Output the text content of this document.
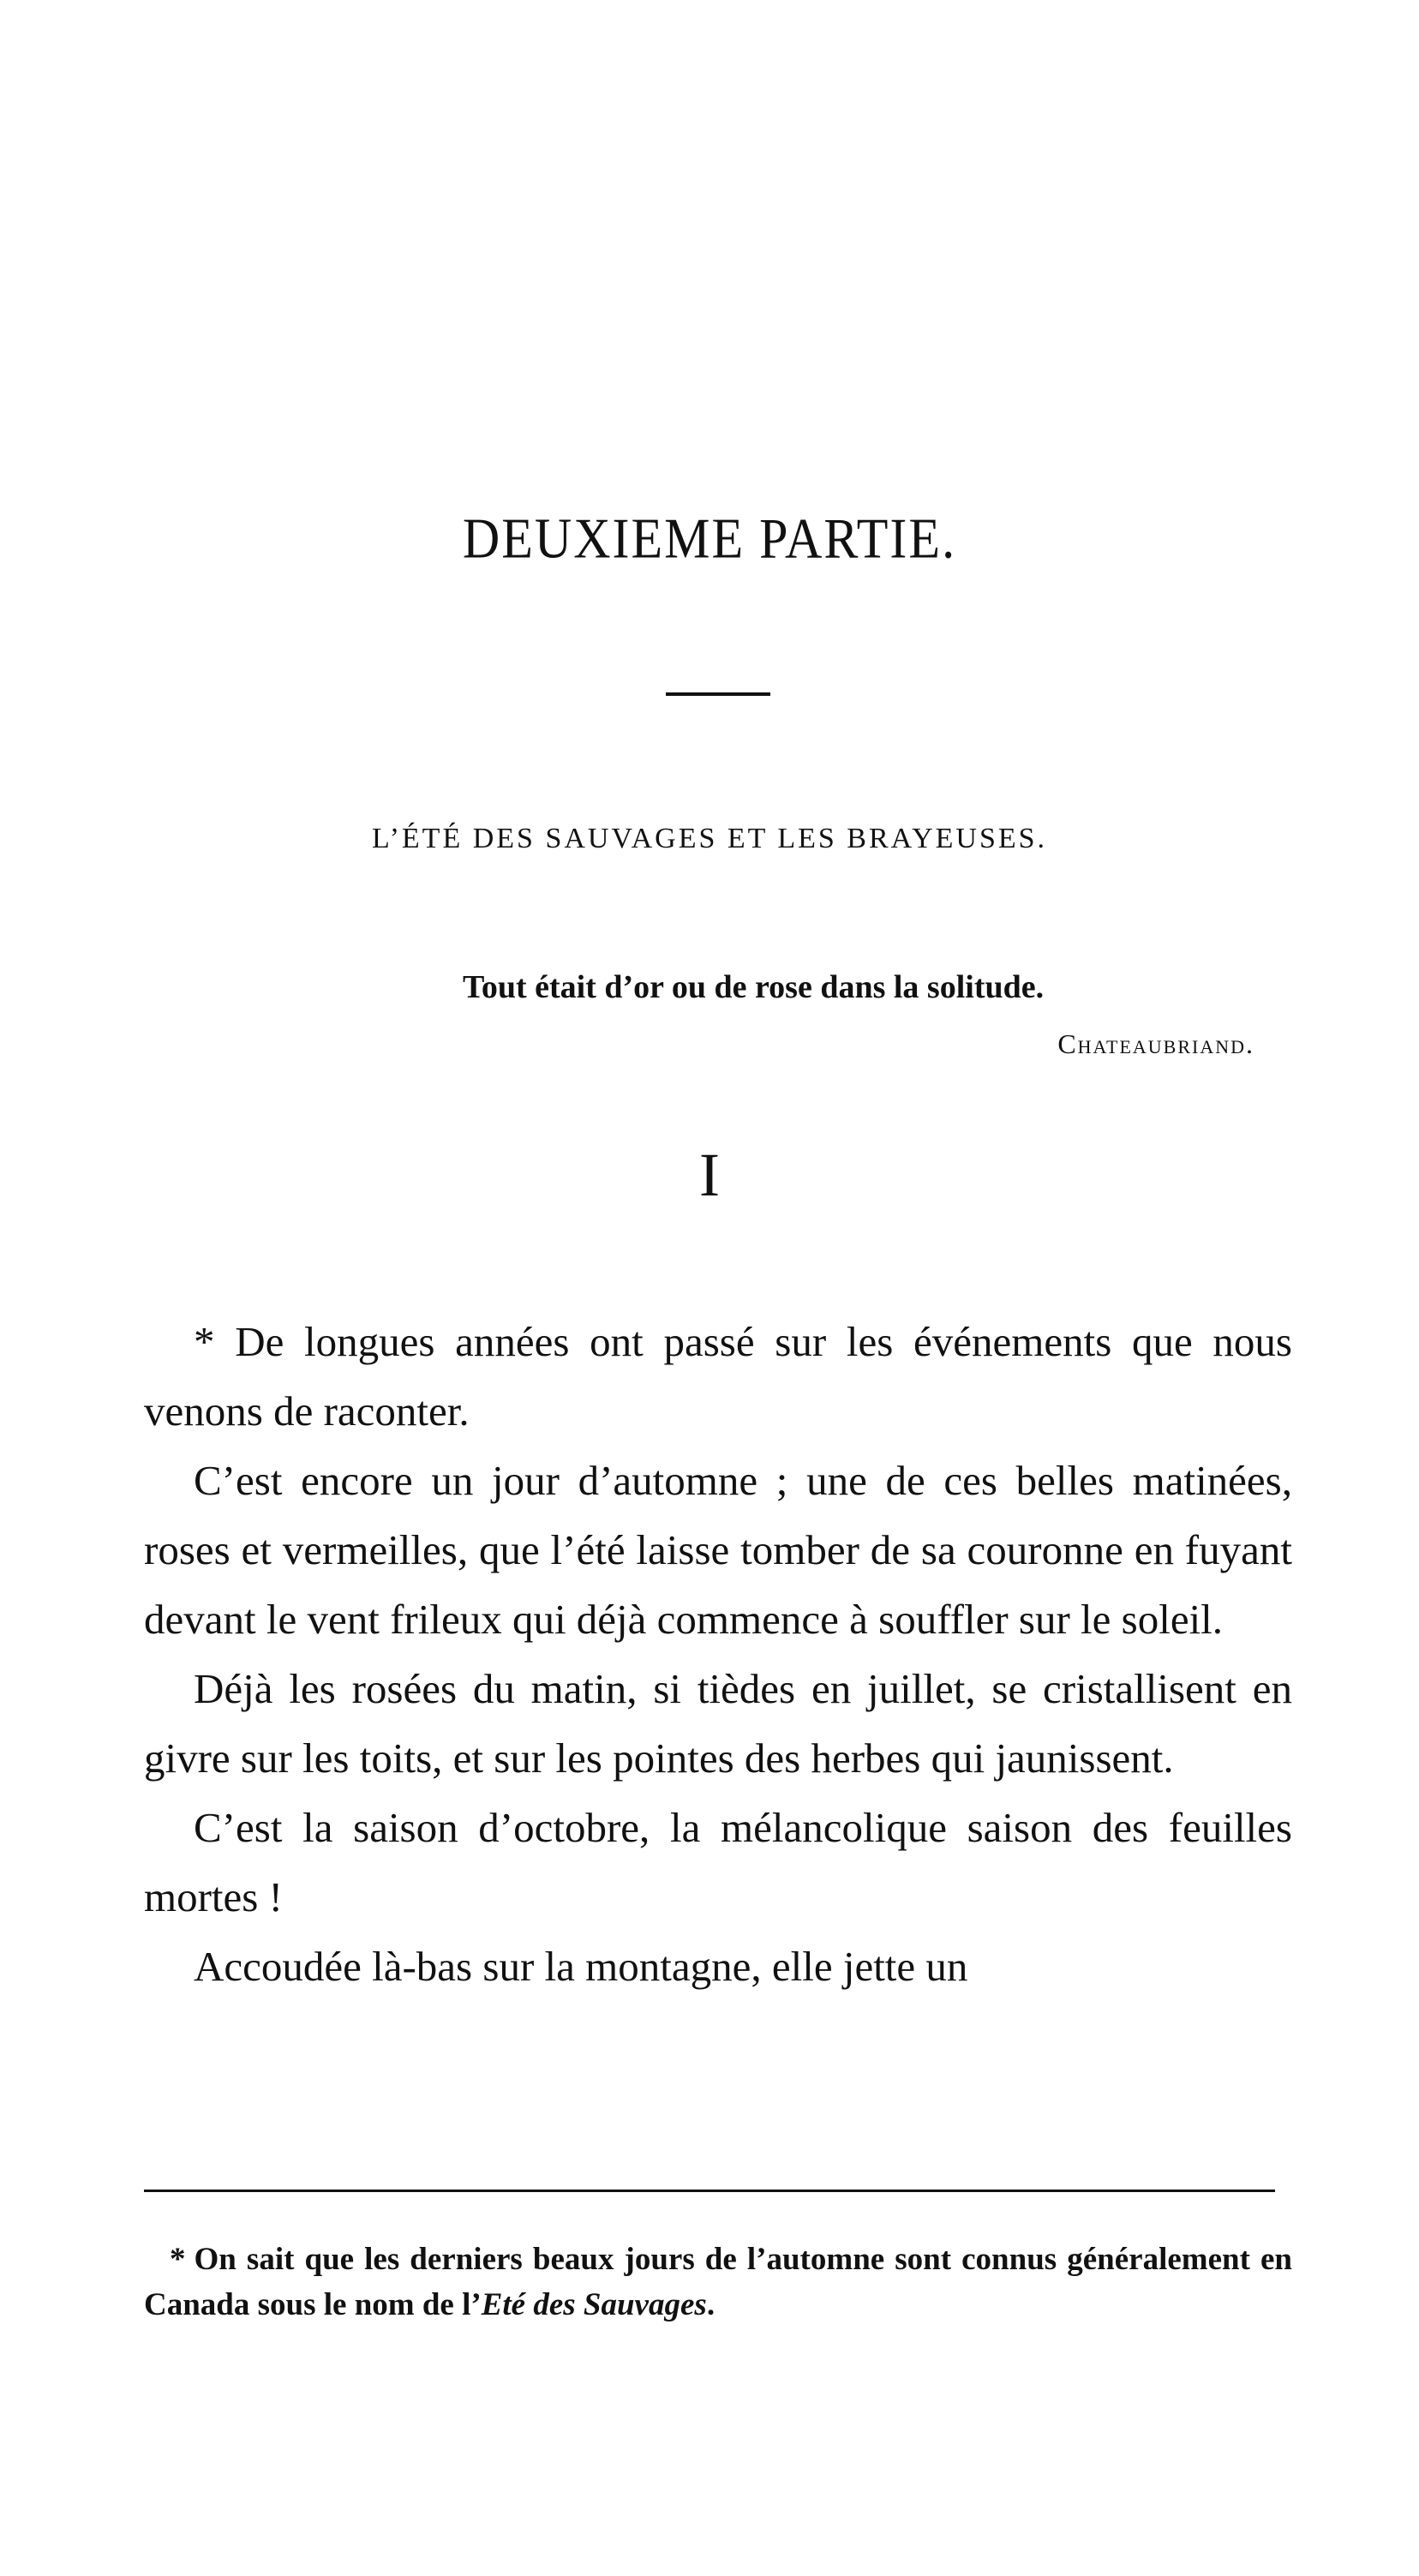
DEUXIEME PARTIE.
L’ÉTÉ DES SAUVAGES ET LES BRAYEUSES.
Tout était d’or ou de rose dans la solitude.
Chateaubriand.
I

* De longues années ont passé sur les événements que nous venons de raconter.

C’est encore un jour d’automne ; une de ces belles matinées, roses et vermeilles, que l’été laisse tomber de sa couronne en fuyant devant le vent frileux qui déjà commence à souffler sur le soleil.

Déjà les rosées du matin, si tièdes en juillet, se cristallisent en givre sur les toits, et sur les pointes des herbes qui jaunissent.

C’est la saison d’octobre, la mélancolique saison des feuilles mortes !

Accoudée là-bas sur la montagne, elle jette un

* On sait que les derniers beaux jours de l’automne sont connus généralement en Canada sous le nom de l’Eté des Sauvages.
